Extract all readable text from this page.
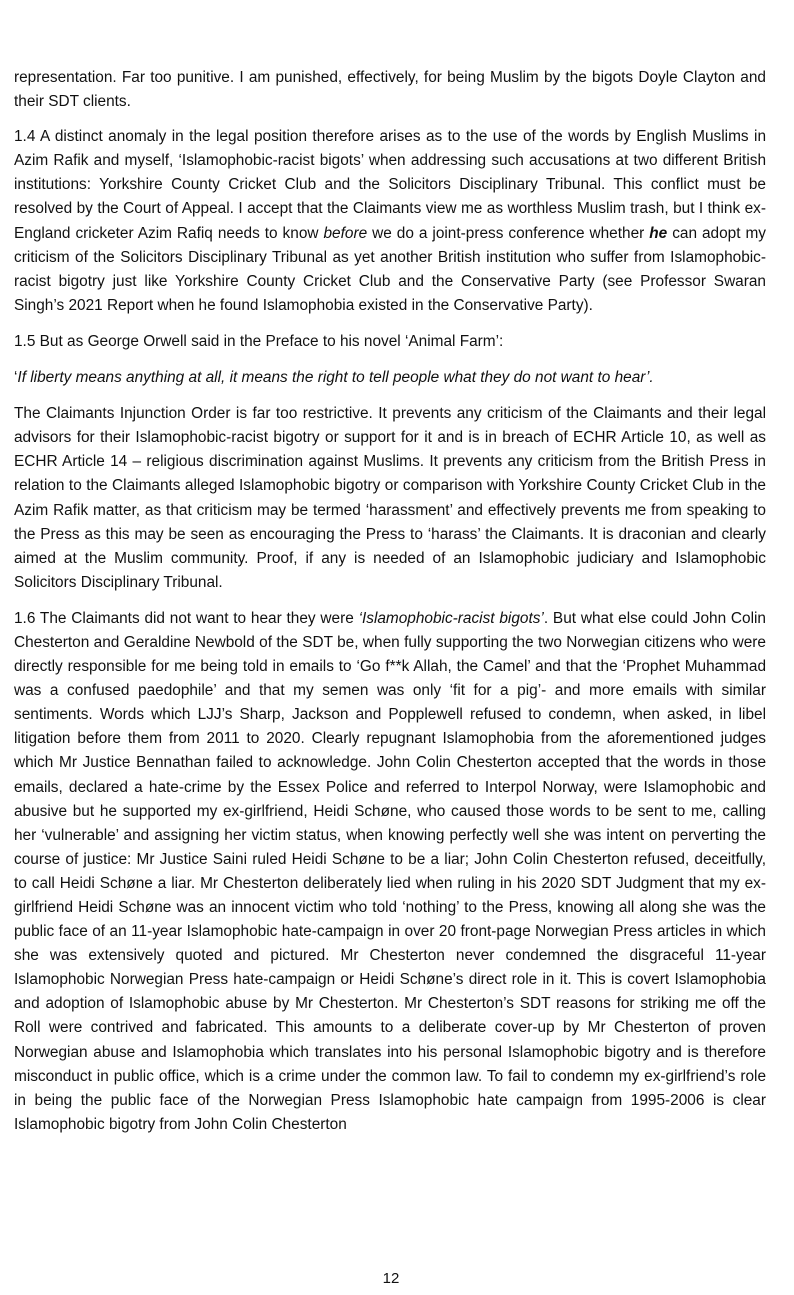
representation. Far too punitive. I am punished, effectively, for being Muslim by the bigots Doyle Clayton and their SDT clients.

1.4 A distinct anomaly in the legal position therefore arises as to the use of the words by English Muslims in Azim Rafik and myself, ‘Islamophobic-racist bigots’ when addressing such accusations at two different British institutions: Yorkshire County Cricket Club and the Solicitors Disciplinary Tribunal. This conflict must be resolved by the Court of Appeal. I accept that the Claimants view me as worthless Muslim trash, but I think ex-England cricketer Azim Rafiq needs to know before we do a joint-press conference whether he can adopt my criticism of the Solicitors Disciplinary Tribunal as yet another British institution who suffer from Islamophobic-racist bigotry just like Yorkshire County Cricket Club and the Conservative Party (see Professor Swaran Singh’s 2021 Report when he found Islamophobia existed in the Conservative Party).

1.5 But as George Orwell said in the Preface to his novel ‘Animal Farm’:

‘If liberty means anything at all, it means the right to tell people what they do not want to hear’.

The Claimants Injunction Order is far too restrictive. It prevents any criticism of the Claimants and their legal advisors for their Islamophobic-racist bigotry or support for it and is in breach of ECHR Article 10, as well as ECHR Article 14 – religious discrimination against Muslims. It prevents any criticism from the British Press in relation to the Claimants alleged Islamophobic bigotry or comparison with Yorkshire County Cricket Club in the Azim Rafik matter, as that criticism may be termed ‘harassment’ and effectively prevents me from speaking to the Press as this may be seen as encouraging the Press to ‘harass’ the Claimants. It is draconian and clearly aimed at the Muslim community. Proof, if any is needed of an Islamophobic judiciary and Islamophobic Solicitors Disciplinary Tribunal.

1.6 The Claimants did not want to hear they were ‘Islamophobic-racist bigots’. But what else could John Colin Chesterton and Geraldine Newbold of the SDT be, when fully supporting the two Norwegian citizens who were directly responsible for me being told in emails to ‘Go f**k Allah, the Camel’ and that the ‘Prophet Muhammad was a confused paedophile’ and that my semen was only ‘fit for a pig’- and more emails with similar sentiments. Words which LJJ’s Sharp, Jackson and Popplewell refused to condemn, when asked, in libel litigation before them from 2011 to 2020. Clearly repugnant Islamophobia from the aforementioned judges which Mr Justice Bennathan failed to acknowledge. John Colin Chesterton accepted that the words in those emails, declared a hate-crime by the Essex Police and referred to Interpol Norway, were Islamophobic and abusive but he supported my ex-girlfriend, Heidi Schøne, who caused those words to be sent to me, calling her ‘vulnerable’ and assigning her victim status, when knowing perfectly well she was intent on perverting the course of justice: Mr Justice Saini ruled Heidi Schøne to be a liar; John Colin Chesterton refused, deceitfully, to call Heidi Schøne a liar. Mr Chesterton deliberately lied when ruling in his 2020 SDT Judgment that my ex-girlfriend Heidi Schøne was an innocent victim who told ‘nothing’ to the Press, knowing all along she was the public face of an 11-year Islamophobic hate-campaign in over 20 front-page Norwegian Press articles in which she was extensively quoted and pictured. Mr Chesterton never condemned the disgraceful 11-year Islamophobic Norwegian Press hate-campaign or Heidi Schøne’s direct role in it. This is covert Islamophobia and adoption of Islamophobic abuse by Mr Chesterton. Mr Chesterton’s SDT reasons for striking me off the Roll were contrived and fabricated. This amounts to a deliberate cover-up by Mr Chesterton of proven Norwegian abuse and Islamophobia which translates into his personal Islamophobic bigotry and is therefore misconduct in public office, which is a crime under the common law. To fail to condemn my ex-girlfriend’s role in being the public face of the Norwegian Press Islamophobic hate campaign from 1995-2006 is clear Islamophobic bigotry from John Colin Chesterton

12
